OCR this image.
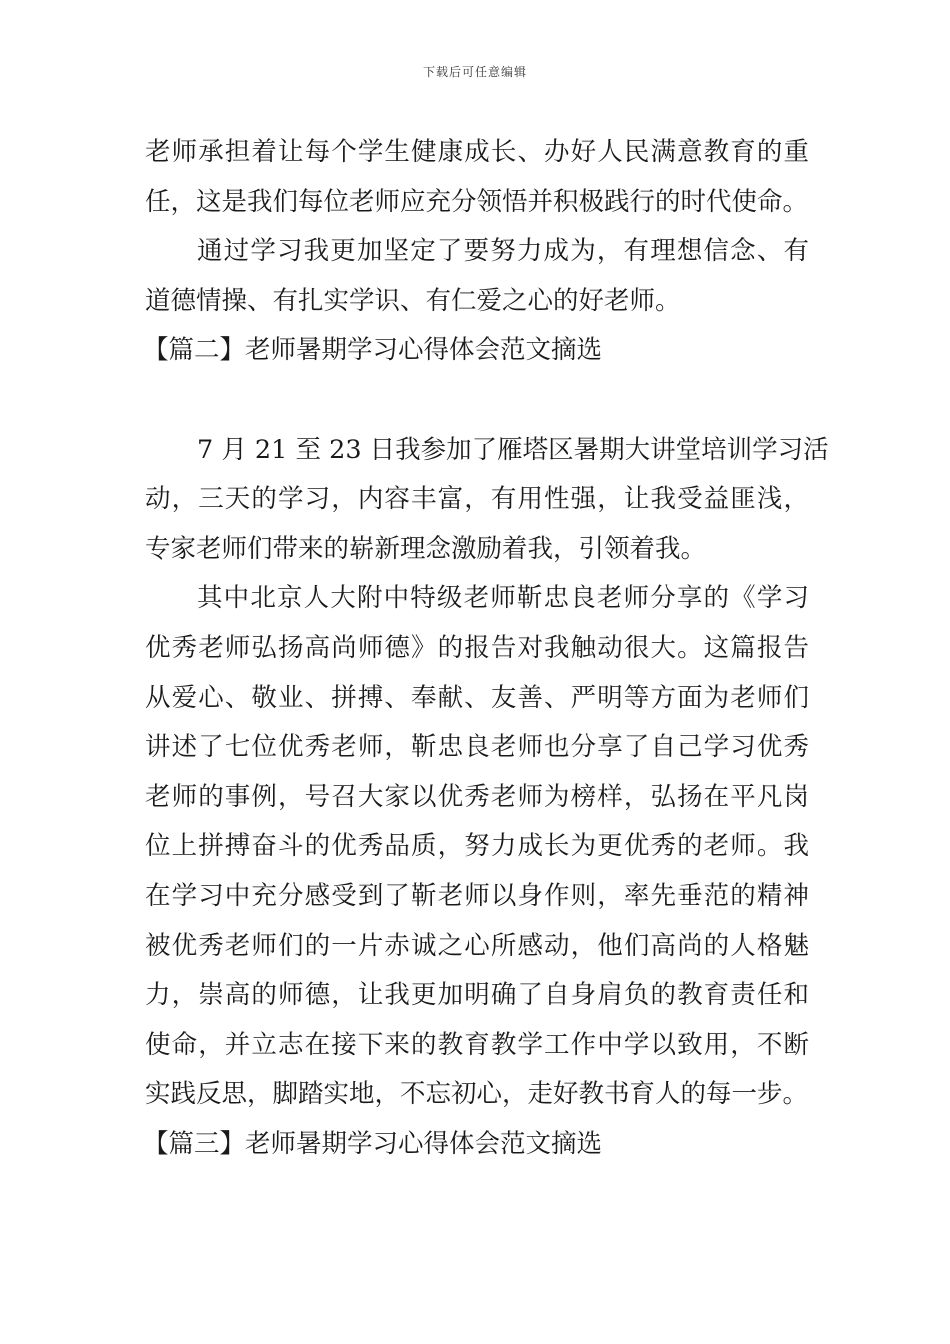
下载后可任意编辑
老师承担着让每个学生健康成长、办好人民满意教育的重
任，这是我们每位老师应充分领悟并积极践行的时代使命。
通过学习我更加坚定了要努力成为，有理想信念、有
道德情操、有扎实学识、有仁爱之心的好老师。
【篇二】老师暑期学习心得体会范文摘选
7 月 21 至 23 日我参加了雁塔区暑期大讲堂培训学习活
动，三天的学习，内容丰富，有用性强，让我受益匪浅，
专家老师们带来的崭新理念激励着我，引领着我。
其中北京人大附中特级老师靳忠良老师分享的《学习
优秀老师弘扬高尚师德》的报告对我触动很大。这篇报告
从爱心、敬业、拼搏、奉献、友善、严明等方面为老师们
讲述了七位优秀老师，靳忠良老师也分享了自己学习优秀
老师的事例，号召大家以优秀老师为榜样，弘扬在平凡岗
位上拼搏奋斗的优秀品质，努力成长为更优秀的老师。我
在学习中充分感受到了靳老师以身作则，率先垂范的精神
被优秀老师们的一片赤诚之心所感动，他们高尚的人格魅
力，崇高的师德，让我更加明确了自身肩负的教育责任和
使命，并立志在接下来的教育教学工作中学以致用，不断
实践反思，脚踏实地，不忘初心，走好教书育人的每一步。
【篇三】老师暑期学习心得体会范文摘选
